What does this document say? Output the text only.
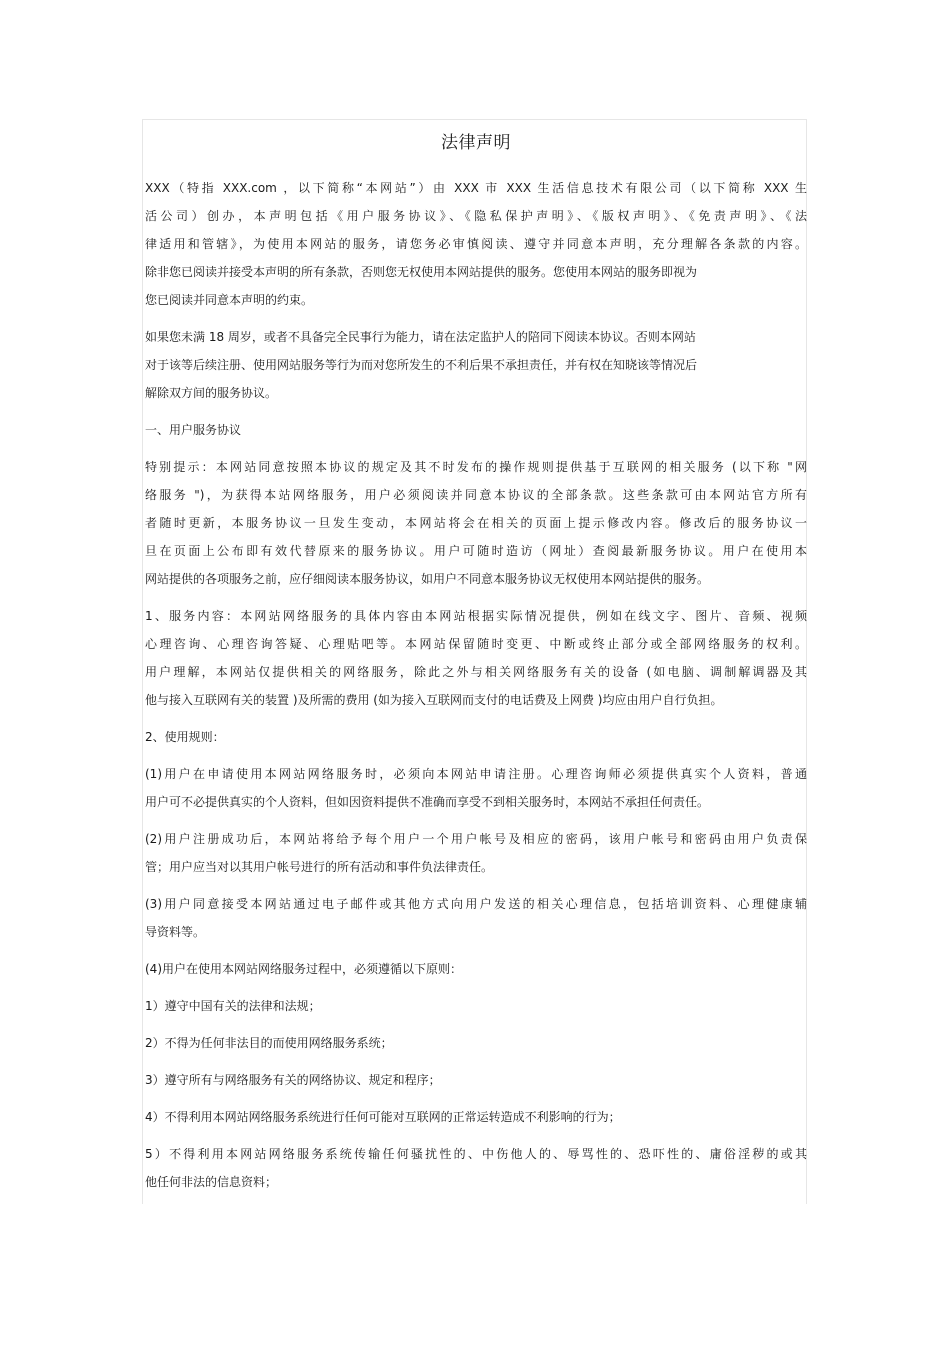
法律声明
XXX（特指 XXX.com ，以下简称“本网站”）由 XXX 市 XXX 生活信息技术有限公司（以下简称 XXX 生
活公司）创办，本声明包括《用户服务协议》、《隐私保护声明》、《版权声明》、《免责声明》、《法
律适用和管辖》，为使用本网站的服务，请您务必审慎阅读、遵守并同意本声明，充分理解各条款的内容。
除非您已阅读并接受本声明的所有条款，否则您无权使用本网站提供的服务。您使用本网站的服务即视为
您已阅读并同意本声明的约束。
如果您未满 18 周岁，或者不具备完全民事行为能力，请在法定监护人的陪同下阅读本协议。否则本网站
对于该等后续注册、使用网站服务等行为而对您所发生的不利后果不承担责任，并有权在知晓该等情况后
解除双方间的服务协议。
一、用户服务协议
特别提示：本网站同意按照本协议的规定及其不时发布的操作规则提供基于互联网的相关服务 (以下称 "网
络服务 ")，为获得本站网络服务，用户必须阅读并同意本协议的全部条款。这些条款可由本网站官方所有
者随时更新，本服务协议一旦发生变动，本网站将会在相关的页面上提示修改内容。修改后的服务协议一
旦在页面上公布即有效代替原来的服务协议。用户可随时造访（网址）查阅最新服务协议。用户在使用本
网站提供的各项服务之前，应仔细阅读本服务协议，如用户不同意本服务协议无权使用本网站提供的服务。
1、服务内容：本网站网络服务的具体内容由本网站根据实际情况提供，例如在线文字、图片、音频、视频
心理咨询、心理咨询答疑、心理贴吧等。本网站保留随时变更、中断或终止部分或全部网络服务的权利。
用户理解，本网站仅提供相关的网络服务，除此之外与相关网络服务有关的设备 (如电脑、调制解调器及其
他与接入互联网有关的装置 )及所需的费用 (如为接入互联网而支付的电话费及上网费 )均应由用户自行负担。
2、使用规则：
(1)用户在申请使用本网站网络服务时，必须向本网站申请注册。心理咨询师必须提供真实个人资料，普通
用户可不必提供真实的个人资料，但如因资料提供不准确而享受不到相关服务时，本网站不承担任何责任。
(2)用户注册成功后，本网站将给予每个用户一个用户帐号及相应的密码，该用户帐号和密码由用户负责保
管；用户应当对以其用户帐号进行的所有活动和事件负法律责任。
(3)用户同意接受本网站通过电子邮件或其他方式向用户发送的相关心理信息，包括培训资料、心理健康辅
导资料等。
(4)用户在使用本网站网络服务过程中，必须遵循以下原则：
1）遵守中国有关的法律和法规；
2）不得为任何非法目的而使用网络服务系统；
3）遵守所有与网络服务有关的网络协议、规定和程序；
4）不得利用本网站网络服务系统进行任何可能对互联网的正常运转造成不利影响的行为；
5）不得利用本网站网络服务系统传输任何骚扰性的、中伤他人的、辱骂性的、恐吓性的、庸俗淫秽的或其
他任何非法的信息资料；
